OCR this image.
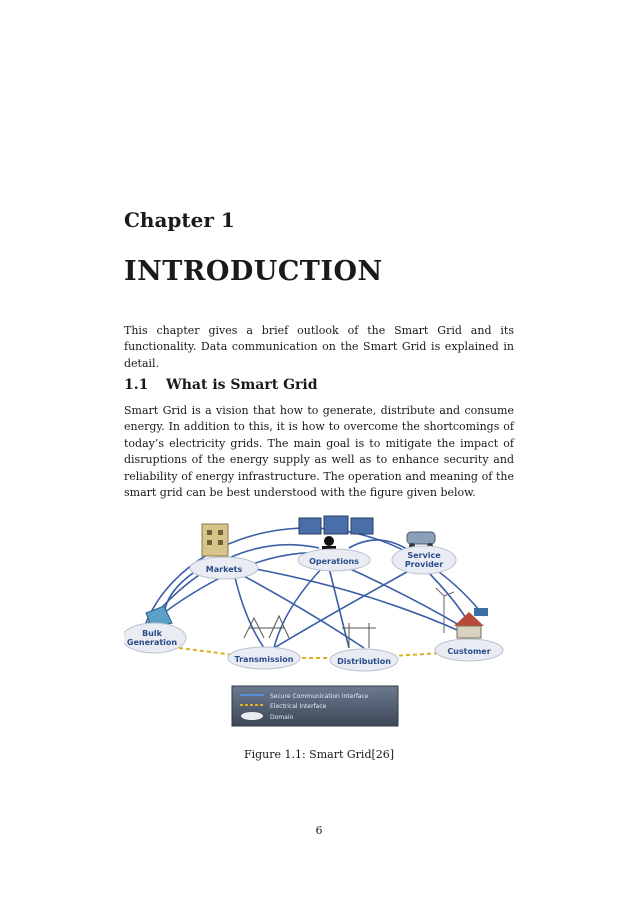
Chapter 1
INTRODUCTION
This chapter gives a brief outlook of the Smart Grid and its functionality. Data communication on the Smart Grid is explained in detail.
1.1 What is Smart Grid
Smart Grid is a vision that how to generate, distribute and consume energy. In addition to this, it is how to overcome the shortcomings of today’s electricity grids. The main goal is to mitigate the impact of disruptions of the energy supply as well as to enhance security and reliability of energy infrastructure. The operation and meaning of the smart grid can be best understood with the figure given below.
Markets
Operations
Service
Provider
Bulk
Generation
Transmission	Distribution
Customer
Secure Communication Interface
Electrical Interface
Domain
Figure 1.1: Smart Grid[26]
6
